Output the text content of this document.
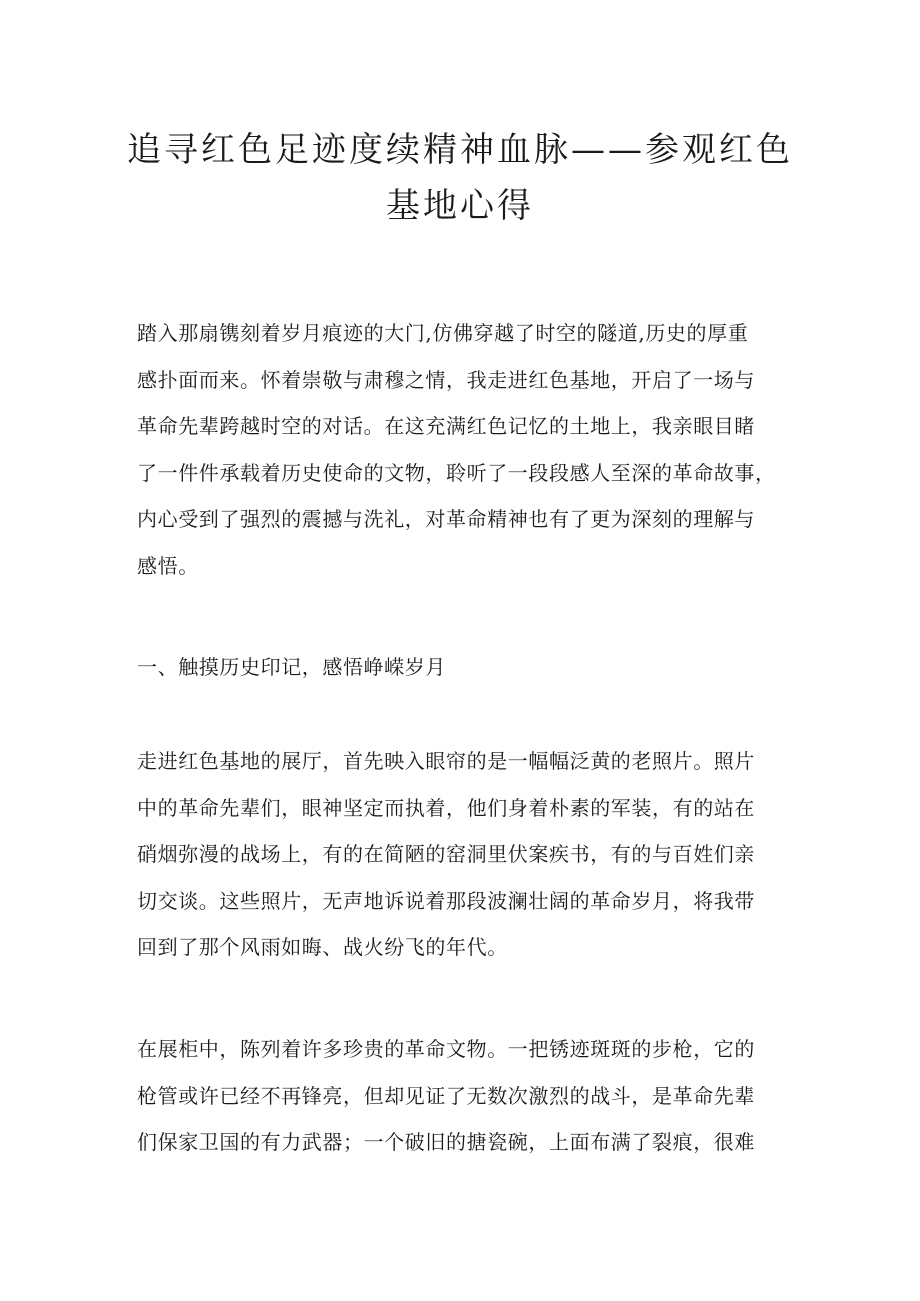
追寻红色足迹度续精神血脉——参观红色
基地心得
踏入那扇镌刻着岁月痕迹的大门,仿佛穿越了时空的隧道,历史的厚重
感扑面而来。怀着崇敬与肃穆之情，我走进红色基地，开启了一场与
革命先辈跨越时空的对话。在这充满红色记忆的土地上，我亲眼目睹
了一件件承载着历史使命的文物，聆听了一段段感人至深的革命故事，
内心受到了强烈的震撼与洗礼，对革命精神也有了更为深刻的理解与
感悟。
一、触摸历史印记，感悟峥嵘岁月
走进红色基地的展厅，首先映入眼帘的是一幅幅泛黄的老照片。照片
中的革命先辈们，眼神坚定而执着，他们身着朴素的军装，有的站在
硝烟弥漫的战场上，有的在简陋的窑洞里伏案疾书，有的与百姓们亲
切交谈。这些照片，无声地诉说着那段波澜壮阔的革命岁月，将我带
回到了那个风雨如晦、战火纷飞的年代。
在展柜中，陈列着许多珍贵的革命文物。一把锈迹斑斑的步枪，它的
枪管或许已经不再锋亮，但却见证了无数次激烈的战斗，是革命先辈
们保家卫国的有力武器；一个破旧的搪瓷碗，上面布满了裂痕，很难
